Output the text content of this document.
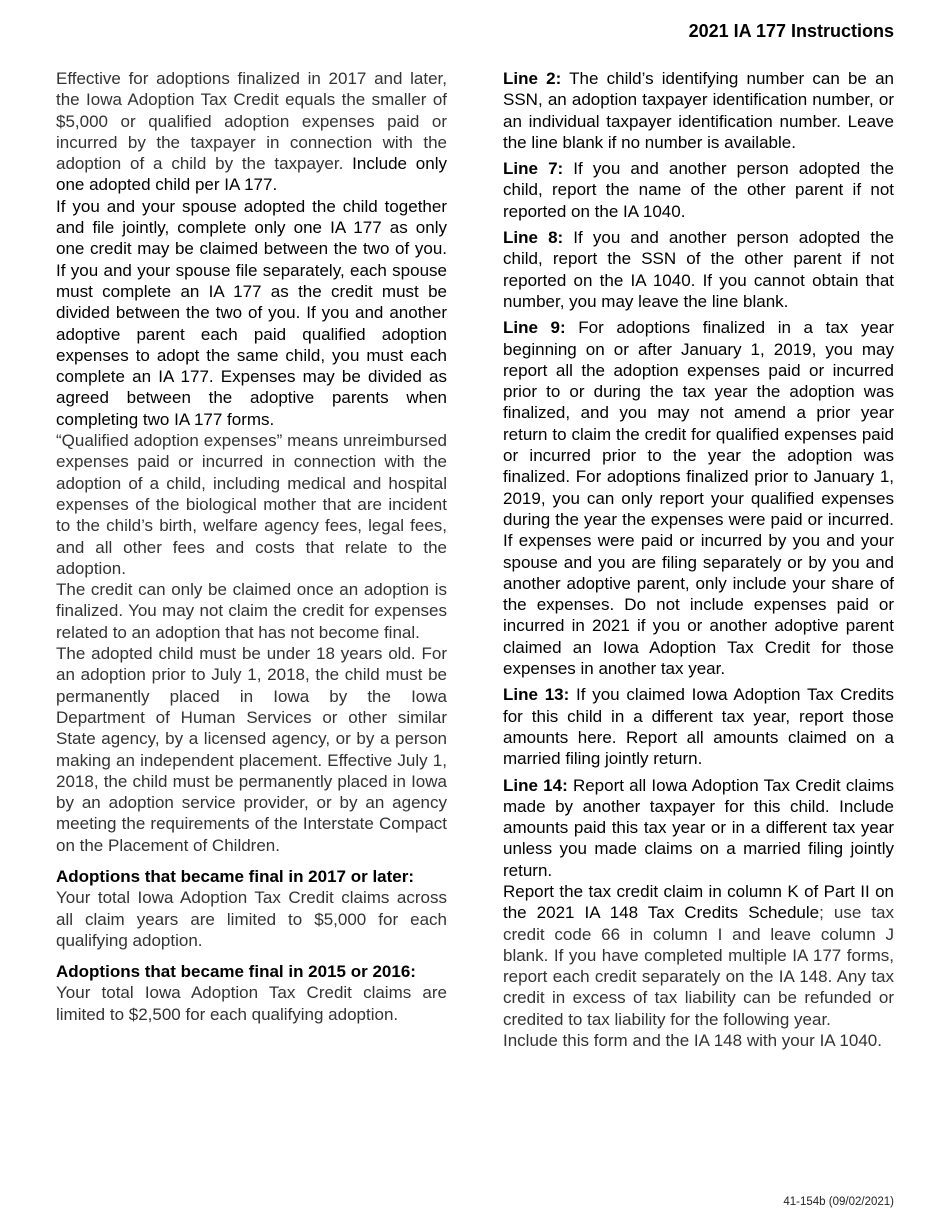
2021 IA 177 Instructions

Effective for adoptions finalized in 2017 and later, the Iowa Adoption Tax Credit equals the smaller of $5,000 or qualified adoption expenses paid or incurred by the taxpayer in connection with the adoption of a child by the taxpayer. Include only one adopted child per IA 177.

If you and your spouse adopted the child together and file jointly, complete only one IA 177 as only one credit may be claimed between the two of you. If you and your spouse file separately, each spouse must complete an IA 177 as the credit must be divided between the two of you. If you and another adoptive parent each paid qualified adoption expenses to adopt the same child, you must each complete an IA 177. Expenses may be divided as agreed between the adoptive parents when completing two IA 177 forms.

“Qualified adoption expenses” means unreimbursed expenses paid or incurred in connection with the adoption of a child, including medical and hospital expenses of the biological mother that are incident to the child’s birth, welfare agency fees, legal fees, and all other fees and costs that relate to the adoption.

The credit can only be claimed once an adoption is finalized. You may not claim the credit for expenses related to an adoption that has not become final.

The adopted child must be under 18 years old. For an adoption prior to July 1, 2018, the child must be permanently placed in Iowa by the Iowa Department of Human Services or other similar State agency, by a licensed agency, or by a person making an independent placement. Effective July 1, 2018, the child must be permanently placed in Iowa by an adoption service provider, or by an agency meeting the requirements of the Interstate Compact on the Placement of Children.

Adoptions that became final in 2017 or later:

Your total Iowa Adoption Tax Credit claims across all claim years are limited to $5,000 for each qualifying adoption.

Adoptions that became final in 2015 or 2016:

Your total Iowa Adoption Tax Credit claims are limited to $2,500 for each qualifying adoption.

Line 2: The child’s identifying number can be an SSN, an adoption taxpayer identification number, or an individual taxpayer identification number. Leave the line blank if no number is available.

Line 7: If you and another person adopted the child, report the name of the other parent if not reported on the IA 1040.

Line 8: If you and another person adopted the child, report the SSN of the other parent if not reported on the IA 1040. If you cannot obtain that number, you may leave the line blank.

Line 9: For adoptions finalized in a tax year beginning on or after January 1, 2019, you may report all the adoption expenses paid or incurred prior to or during the tax year the adoption was finalized, and you may not amend a prior year return to claim the credit for qualified expenses paid or incurred prior to the year the adoption was finalized. For adoptions finalized prior to January 1, 2019, you can only report your qualified expenses during the year the expenses were paid or incurred. If expenses were paid or incurred by you and your spouse and you are filing separately or by you and another adoptive parent, only include your share of the expenses. Do not include expenses paid or incurred in 2021 if you or another adoptive parent claimed an Iowa Adoption Tax Credit for those expenses in another tax year.

Line 13: If you claimed Iowa Adoption Tax Credits for this child in a different tax year, report those amounts here. Report all amounts claimed on a married filing jointly return.

Line 14: Report all Iowa Adoption Tax Credit claims made by another taxpayer for this child. Include amounts paid this tax year or in a different tax year unless you made claims on a married filing jointly return.

Report the tax credit claim in column K of Part II on the 2021 IA 148 Tax Credits Schedule; use tax credit code 66 in column I and leave column J blank. If you have completed multiple IA 177 forms, report each credit separately on the IA 148. Any tax credit in excess of tax liability can be refunded or credited to tax liability for the following year.

Include this form and the IA 148 with your IA 1040.

41-154b (09/02/2021)
